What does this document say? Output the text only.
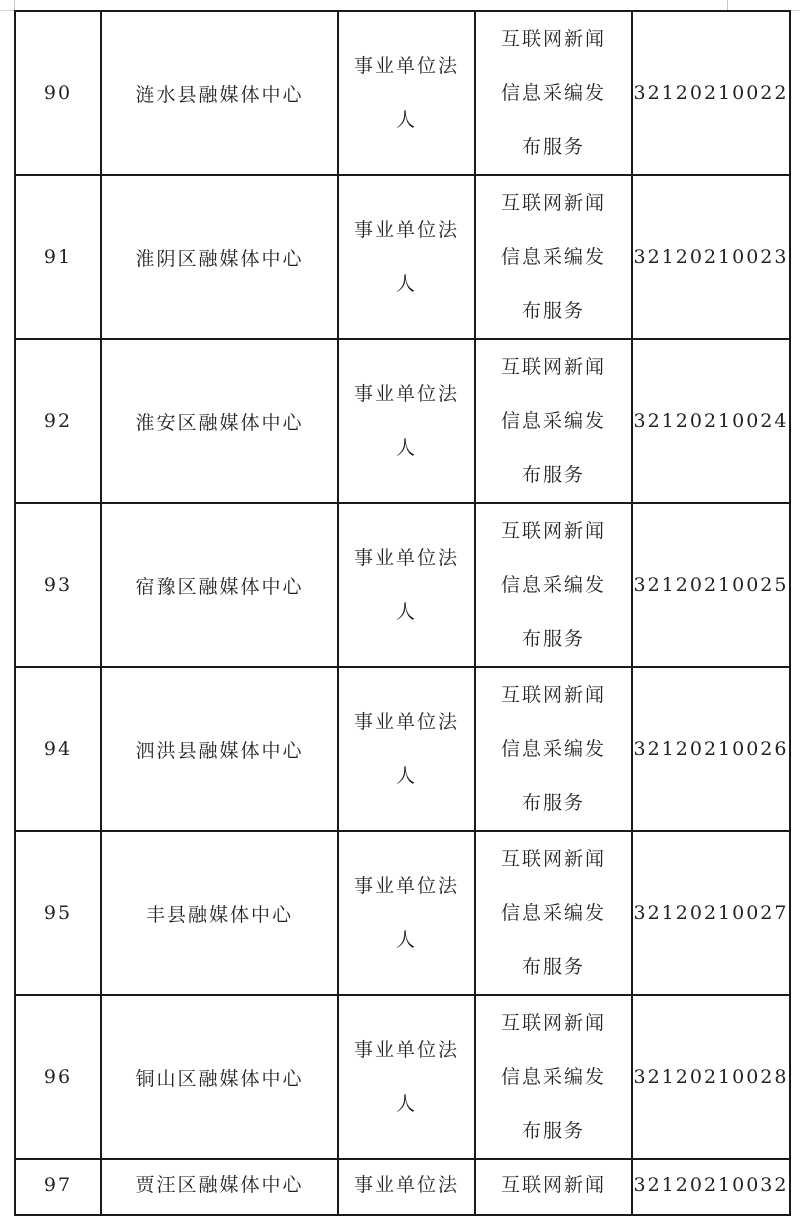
90	涟水县融媒体中心	事业单位法人	互联网新闻信息采编发布服务	32120210022
91	淮阴区融媒体中心	事业单位法人	互联网新闻信息采编发布服务	32120210023
92	淮安区融媒体中心	事业单位法人	互联网新闻信息采编发布服务	32120210024
93	宿豫区融媒体中心	事业单位法人	互联网新闻信息采编发布服务	32120210025
94	泗洪县融媒体中心	事业单位法人	互联网新闻信息采编发布服务	32120210026
95	丰县融媒体中心	事业单位法人	互联网新闻信息采编发布服务	32120210027
96	铜山区融媒体中心	事业单位法人	互联网新闻信息采编发布服务	32120210028
97	贾汪区融媒体中心	事业单位法	互联网新闻	32120210032
